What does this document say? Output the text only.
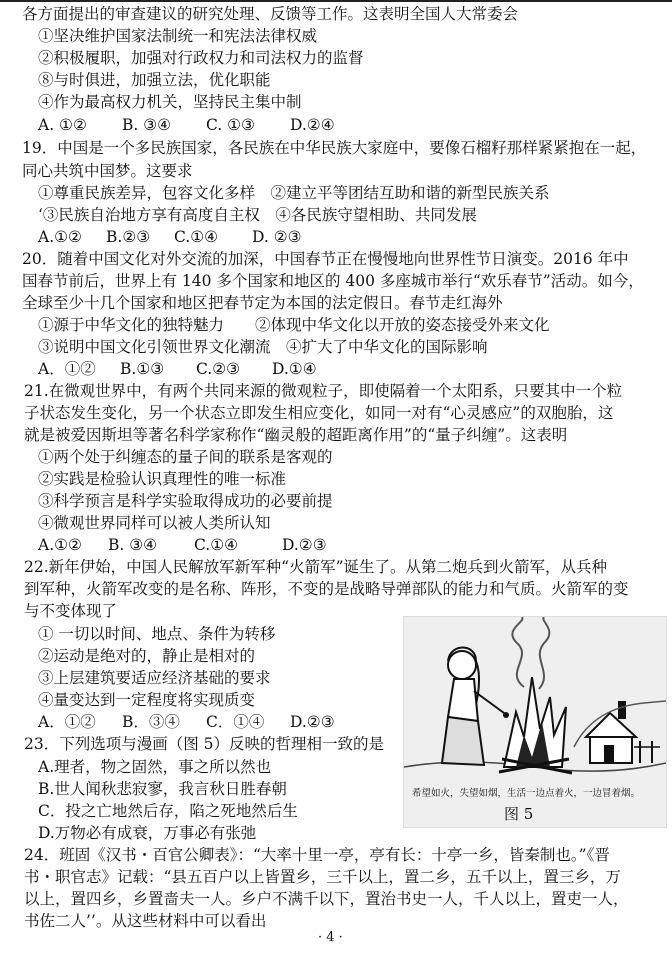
各方面提出的审查建议的研究处理、反馈等工作。这表明全国人大常委会
①坚决维护国家法制统一和宪法法律权威
②积极履职，加强对行政权力和司法权力的监督
⑧与时俱进，加强立法，优化职能
④作为最高权力机关，坚持民主集中制
A. ①② B. ③④ C. ①③ D.②④
19．中国是一个多民族国家，各民族在中华民族大家庭中，要像石榴籽那样紧紧抱在一起，
同心共筑中国梦。这要求
①尊重民族差异，包容文化多样　②建立平等团结互助和谐的新型民族关系
‘③民族自治地方享有高度自主权　④各民族守望相助、共同发展
A.①② B.②③ C.①④ D. ②③
20．随着中国文化对外交流的加深，中国春节正在慢慢地向世界性节日演变。2016 年中
国春节前后，世界上有 140 多个国家和地区的 400 多座城市举行“欢乐春节”活动。如今，
全球至少十几个国家和地区把春节定为本国的法定假日。春节走红海外
①源于中华文化的独特魅力　　②体现中华文化以开放的姿态接受外来文化
③说明中国文化引领世界文化潮流　④扩大了中华文化的国际影响
A．①② B.①③ C.②③ D.①④
21.在微观世界中，有两个共同来源的微观粒子，即使隔着一个太阳系，只要其中一个粒
子状态发生变化，另一个状态立即发生相应变化，如同一对有“心灵感应”的双胞胎，这
就是被爱因斯坦等著名科学家称作“幽灵般的超距离作用”的“量子纠缠”。这表明
①两个处于纠缠态的量子间的联系是客观的
②实践是检验认识真理性的唯一标准
③科学预言是科学实验取得成功的必要前提
④微观世界同样可以被人类所认知
A.①② B. ③④ C.①④	D.②③
22.新年伊始，中国人民解放军新军种“火箭军”诞生了。从第二炮兵到火箭军，从兵种
到军种，火箭军改变的是名称、阵形，不变的是战略导弹部队的能力和气质。火箭军的变
与不变体现了
① 一切以时间、地点、条件为转移
②运动是绝对的，静止是相对的
③上层建筑要适应经济基础的要求
④量变达到一定程度将实现质变
A．①② B．③④ C．①④ D.②③
23．下列选项与漫画（图 5）反映的哲理相一致的是
A.理者，物之固然，事之所以然也
B.世人闻秋悲寂寥，我言秋日胜春朝
C．投之亡地然后存，陷之死地然后生
D.万物必有成衰，万事必有张弛
24．班固《汉书・百官公卿表》：“大率十里一亭，亭有长：十亭一乡，皆秦制也。”《晋
书・职官志》记载：“县五百户以上皆置乡，三千以上，置二乡，五千以上，置三乡，万
以上，置四乡，乡置啬夫一人。乡户不满千以下，置治书史一人，千人以上，置吏一人，
书佐二人’’。从这些材料中可以看出
希望如火，失望如烟，生活一边点着火，一边冒着烟。
图 5
· 4 ·
